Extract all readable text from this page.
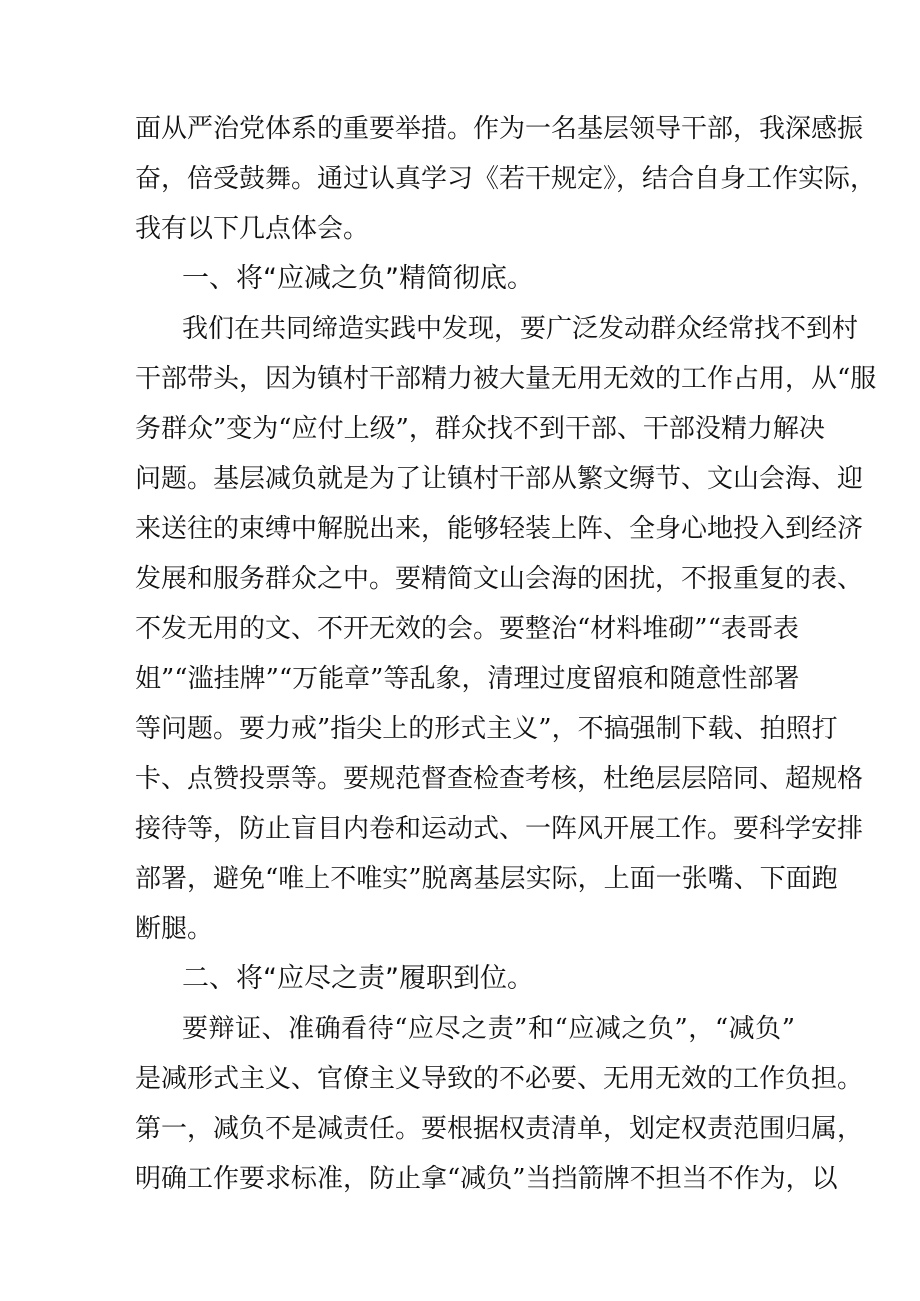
面从严治党体系的重要举措。作为一名基层领导干部，我深感振
奋，倍受鼓舞。通过认真学习《若干规定》，结合自身工作实际，
我有以下几点体会。
一、将“应减之负”精简彻底。
我们在共同缔造实践中发现，要广泛发动群众经常找不到村
干部带头，因为镇村干部精力被大量无用无效的工作占用，从“服
务群众”变为“应付上级”，群众找不到干部、干部没精力解决
问题。基层减负就是为了让镇村干部从繁文缛节、文山会海、迎
来送往的束缚中解脱出来，能够轻装上阵、全身心地投入到经济
发展和服务群众之中。要精简文山会海的困扰，不报重复的表、
不发无用的文、不开无效的会。要整治“材料堆砌”“表哥表
姐”“滥挂牌”“万能章”等乱象，清理过度留痕和随意性部署
等问题。要力戒”指尖上的形式主义”，不搞强制下载、拍照打
卡、点赞投票等。要规范督查检查考核，杜绝层层陪同、超规格
接待等，防止盲目内卷和运动式、一阵风开展工作。要科学安排
部署，避免“唯上不唯实”脱离基层实际，上面一张嘴、下面跑
断腿。
二、将“应尽之责”履职到位。
要辩证、准确看待“应尽之责”和“应减之负”，“减负”
是减形式主义、官僚主义导致的不必要、无用无效的工作负担。
第一，减负不是减责任。要根据权责清单，划定权责范围归属，
明确工作要求标准，防止拿“减负”当挡箭牌不担当不作为，以
